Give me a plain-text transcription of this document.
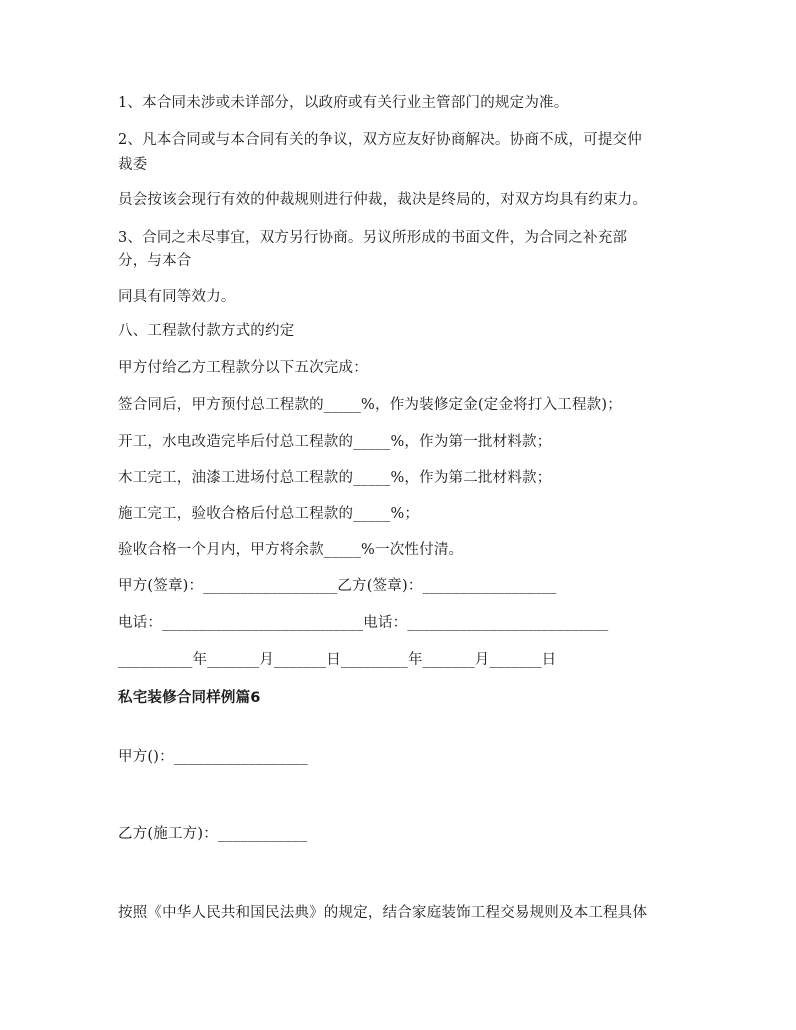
1、本合同未涉或未详部分，以政府或有关行业主管部门的规定为准。
2、凡本合同或与本合同有关的争议，双方应友好协商解决。协商不成，可提交仲
裁委
员会按该会现行有效的仲裁规则进行仲裁，裁决是终局的，对双方均具有约束力。
3、合同之未尽事宜，双方另行协商。另议所形成的书面文件，为合同之补充部
分，与本合
同具有同等效力。
八、工程款付款方式的约定
甲方付给乙方工程款分以下五次完成：
签合同后，甲方预付总工程款的_____%，作为装修定金(定金将打入工程款)；
开工，水电改造完毕后付总工程款的_____%，作为第一批材料款；
木工完工，油漆工进场付总工程款的_____%，作为第二批材料款；
施工完工，验收合格后付总工程款的_____%；
验收合格一个月内，甲方将余款_____%一次性付清。
甲方(签章)：__________________乙方(签章)：__________________
电话：___________________________电话：___________________________
__________年_______月_______日_________年_______月_______日
私宅装修合同样例篇6
甲方()：__________________
乙方(施工方)：____________
按照《中华人民共和国民法典》的规定，结合家庭装饰工程交易规则及本工程具体
